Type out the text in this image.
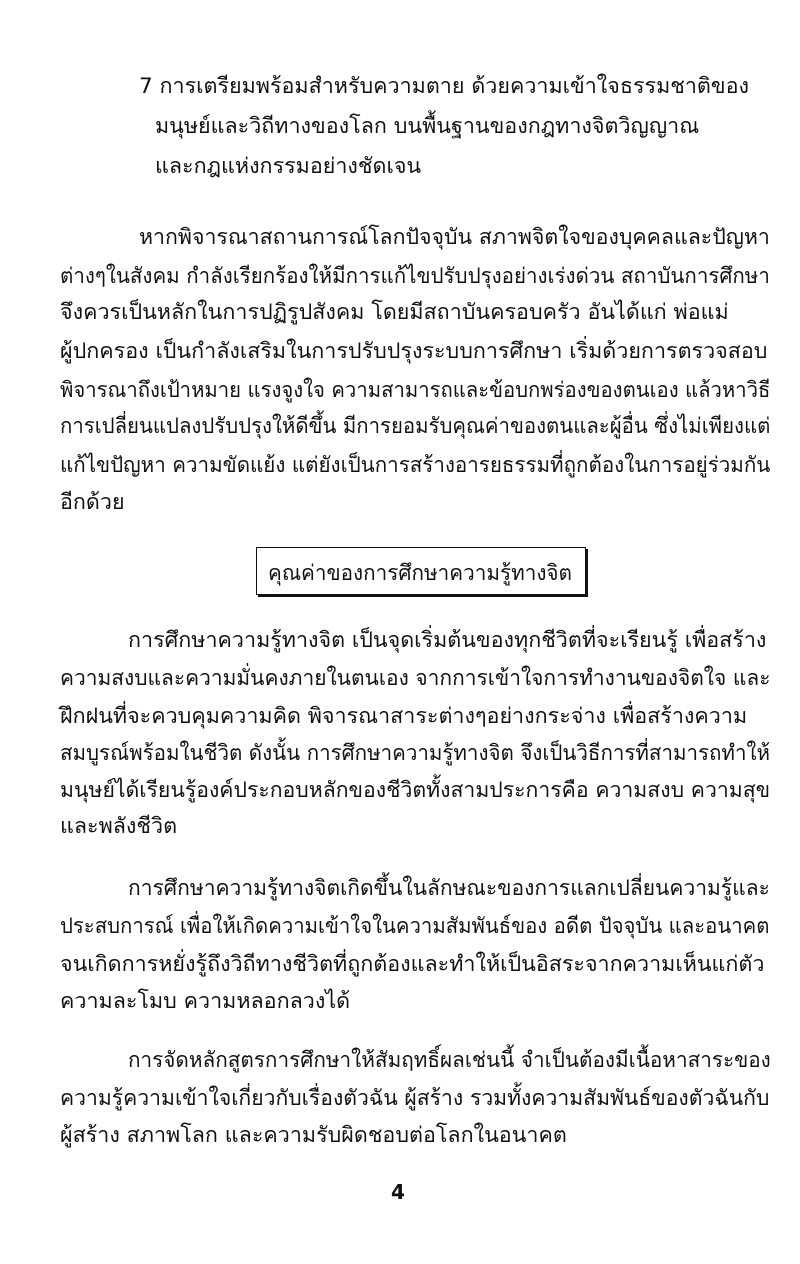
7 การเตรียมพร้อมสำหรับความตาย ด้วยความเข้าใจธรรมชาติของ
มนุษย์และวิถีทางของโลก บนพื้นฐานของกฎทางจิตวิญญาณ
และกฎแห่งกรรมอย่างชัดเจน
หากพิจารณาสถานการณ์โลกปัจจุบัน สภาพจิตใจของบุคคลและปัญหา
ต่างๆในสังคม กำลังเรียกร้องให้มีการแก้ไขปรับปรุงอย่างเร่งด่วน สถาบันการศึกษา
จึงควรเป็นหลักในการปฏิรูปสังคม โดยมีสถาบันครอบครัว อันได้แก่ พ่อแม่
ผู้ปกครอง เป็นกำลังเสริมในการปรับปรุงระบบการศึกษา เริ่มด้วยการตรวจสอบ
พิจารณาถึงเป้าหมาย แรงจูงใจ ความสามารถและข้อบกพร่องของตนเอง แล้วหาวิธี
การเปลี่ยนแปลงปรับปรุงให้ดีขึ้น มีการยอมรับคุณค่าของตนและผู้อื่น ซึ่งไม่เพียงแต่
แก้ไขปัญหา ความขัดแย้ง แต่ยังเป็นการสร้างอารยธรรมที่ถูกต้องในการอยู่ร่วมกัน
อีกด้วย
คุณค่าของการศึกษาความรู้ทางจิต
การศึกษาความรู้ทางจิต เป็นจุดเริ่มต้นของทุกชีวิตที่จะเรียนรู้ เพื่อสร้าง
ความสงบและความมั่นคงภายในตนเอง จากการเข้าใจการทำงานของจิตใจ และ
ฝึกฝนที่จะควบคุมความคิด พิจารณาสาระต่างๆอย่างกระจ่าง เพื่อสร้างความ
สมบูรณ์พร้อมในชีวิต ดังนั้น การศึกษาความรู้ทางจิต จึงเป็นวิธีการที่สามารถทำให้
มนุษย์ได้เรียนรู้องค์ประกอบหลักของชีวิตทั้งสามประการคือ ความสงบ ความสุข
และพลังชีวิต
การศึกษาความรู้ทางจิตเกิดขึ้นในลักษณะของการแลกเปลี่ยนความรู้และ
ประสบการณ์ เพื่อให้เกิดความเข้าใจในความสัมพันธ์ของ อดีต ปัจจุบัน และอนาคต
จนเกิดการหยั่งรู้ถึงวิถีทางชีวิตที่ถูกต้องและทำให้เป็นอิสระจากความเห็นแก่ตัว
ความละโมบ ความหลอกลวงได้
การจัดหลักสูตรการศึกษาให้สัมฤทธิ์ผลเช่นนี้ จำเป็นต้องมีเนื้อหาสาระของ
ความรู้ความเข้าใจเกี่ยวกับเรื่องตัวฉัน ผู้สร้าง รวมทั้งความสัมพันธ์ของตัวฉันกับ
ผู้สร้าง สภาพโลก และความรับผิดชอบต่อโลกในอนาคต
4
